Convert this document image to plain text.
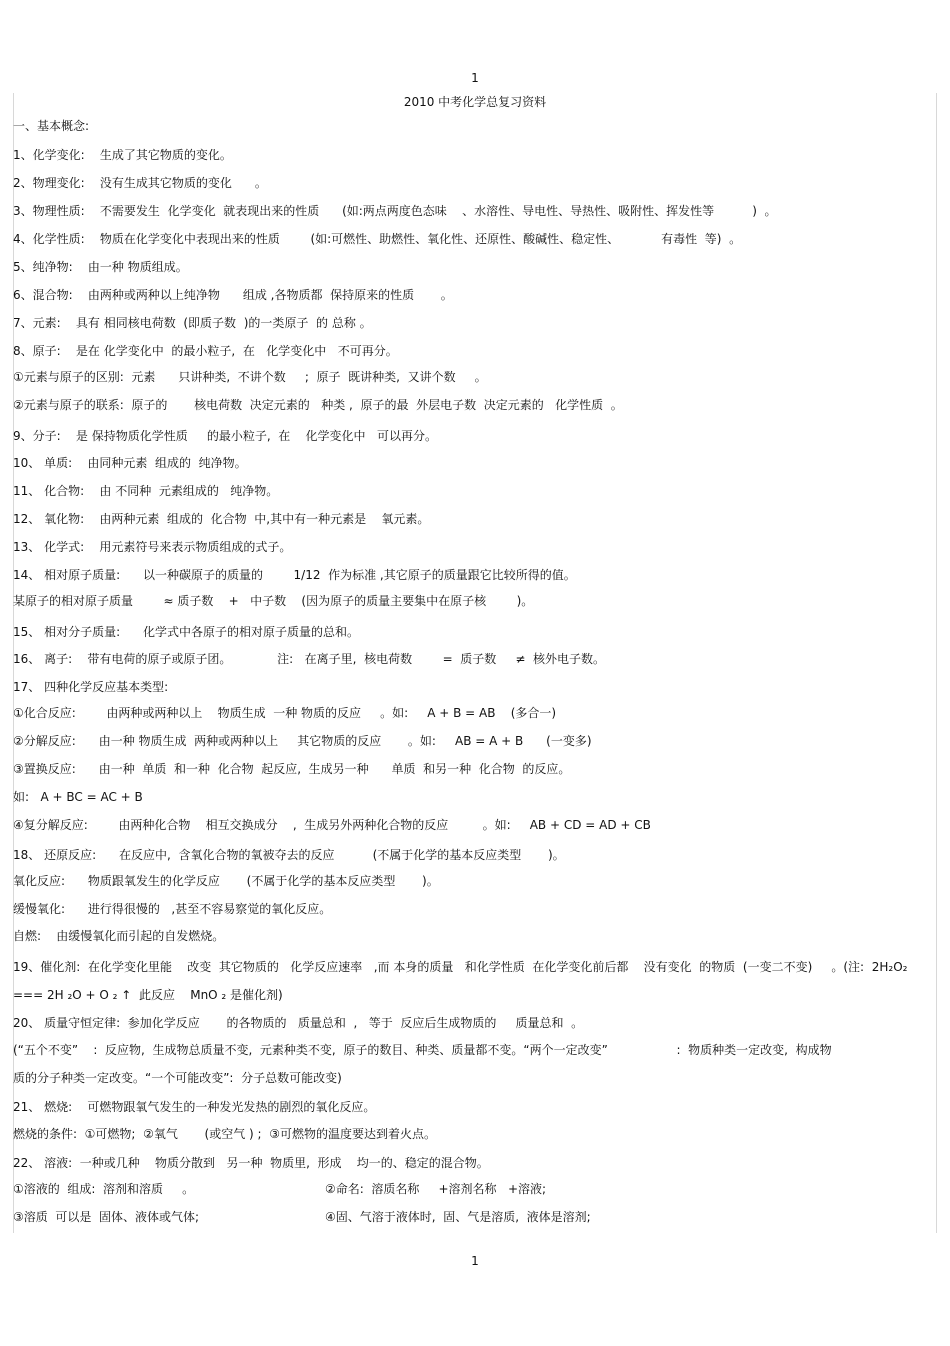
1
2010 中考化学总复习资料
一、基本概念:
1、化学变化:    生成了其它物质的变化。
2、物理变化:    没有生成其它物质的变化      。
3、物理性质:    不需要发生  化学变化  就表现出来的性质      (如:两点两度色态味    、水溶性、导电性、导热性、吸附性、挥发性等          )  。
4、化学性质:    物质在化学变化中表现出来的性质        (如:可燃性、助燃性、氧化性、还原性、酸碱性、稳定性、           有毒性  等)  。
5、纯净物:    由一种 物质组成。
6、混合物:    由两种或两种以上纯净物      组成 ,各物质都  保持原来的性质       。
7、元素:    具有 相同核电荷数  (即质子数  )的一类原子  的 总称 。
8、原子:    是在 化学变化中  的最小粒子,  在   化学变化中   不可再分。
①元素与原子的区别:  元素      只讲种类,  不讲个数     ;  原子  既讲种类,  又讲个数     。
②元素与原子的联系:  原子的       核电荷数  决定元素的   种类 ,  原子的最  外层电子数  决定元素的   化学性质  。
9、分子:    是 保持物质化学性质     的最小粒子,  在    化学变化中   可以再分。
10、 单质:    由同种元素  组成的  纯净物。
11、 化合物:    由 不同种  元素组成的   纯净物。
12、 氧化物:    由两种元素  组成的  化合物  中,其中有一种元素是    氧元素。
13、 化学式:    用元素符号来表示物质组成的式子。
14、 相对原子质量:      以一种碳原子的质量的        1/12  作为标准 ,其它原子的质量跟它比较所得的值。
某原子的相对原子质量        ≈ 质子数    +   中子数    (因为原子的质量主要集中在原子核        )。
15、 相对分子质量:      化学式中各原子的相对原子质量的总和。
16、 离子:    带有电荷的原子或原子团。            注:   在离子里,  核电荷数        =  质子数     ≠  核外电子数。
17、 四种化学反应基本类型:
①化合反应:        由两种或两种以上    物质生成  一种 物质的反应     。如:     A + B = AB    (多合一)
②分解反应:      由一种 物质生成  两种或两种以上     其它物质的反应       。如:     AB = A + B      (一变多)
③置换反应:      由一种  单质  和一种  化合物  起反应,  生成另一种      单质  和另一种  化合物  的反应。
如:   A + BC = AC + B
④复分解反应:        由两种化合物    相互交换成分    ,  生成另外两种化合物的反应         。如:     AB + CD = AD + CB
18、 还原反应:      在反应中,  含氧化合物的氧被夺去的反应          (不属于化学的基本反应类型       )。
氧化反应:      物质跟氧发生的化学反应       (不属于化学的基本反应类型       )。
缓慢氧化:      进行得很慢的   ,甚至不容易察觉的氧化反应。
自燃:    由缓慢氧化而引起的自发燃烧。
19、催化剂:  在化学变化里能    改变  其它物质的   化学反应速率   ,而 本身的质量   和化学性质  在化学变化前后都    没有变化  的物质  (一变二不变)     。(注:  2H₂O₂
=== 2H ₂O + O ₂ ↑  此反应    MnO ₂ 是催化剂)
20、 质量守恒定律:  参加化学反应       的各物质的   质量总和  ,   等于  反应后生成物质的     质量总和  。
(“五个不变”    :  反应物,  生成物总质量不变,  元素种类不变,  原子的数目、种类、质量都不变。“两个一定改变”                  :  物质种类一定改变,  构成物
质的分子种类一定改变。“一个可能改变”:  分子总数可能改变)
21、 燃烧:    可燃物跟氧气发生的一种发光发热的剧烈的氧化反应。
燃烧的条件:  ①可燃物;  ②氧气       (或空气 ) ;  ③可燃物的温度要达到着火点。
22、 溶液:  一种或几种    物质分散到   另一种  物质里,  形成    均一的、稳定的混合物。
①溶液的  组成:  溶剂和溶质     。	②命名:  溶质名称     +溶剂名称   +溶液;
③溶质  可以是  固体、液体或气体;	④固、气溶于液体时,  固、气是溶质,  液体是溶剂;
1
